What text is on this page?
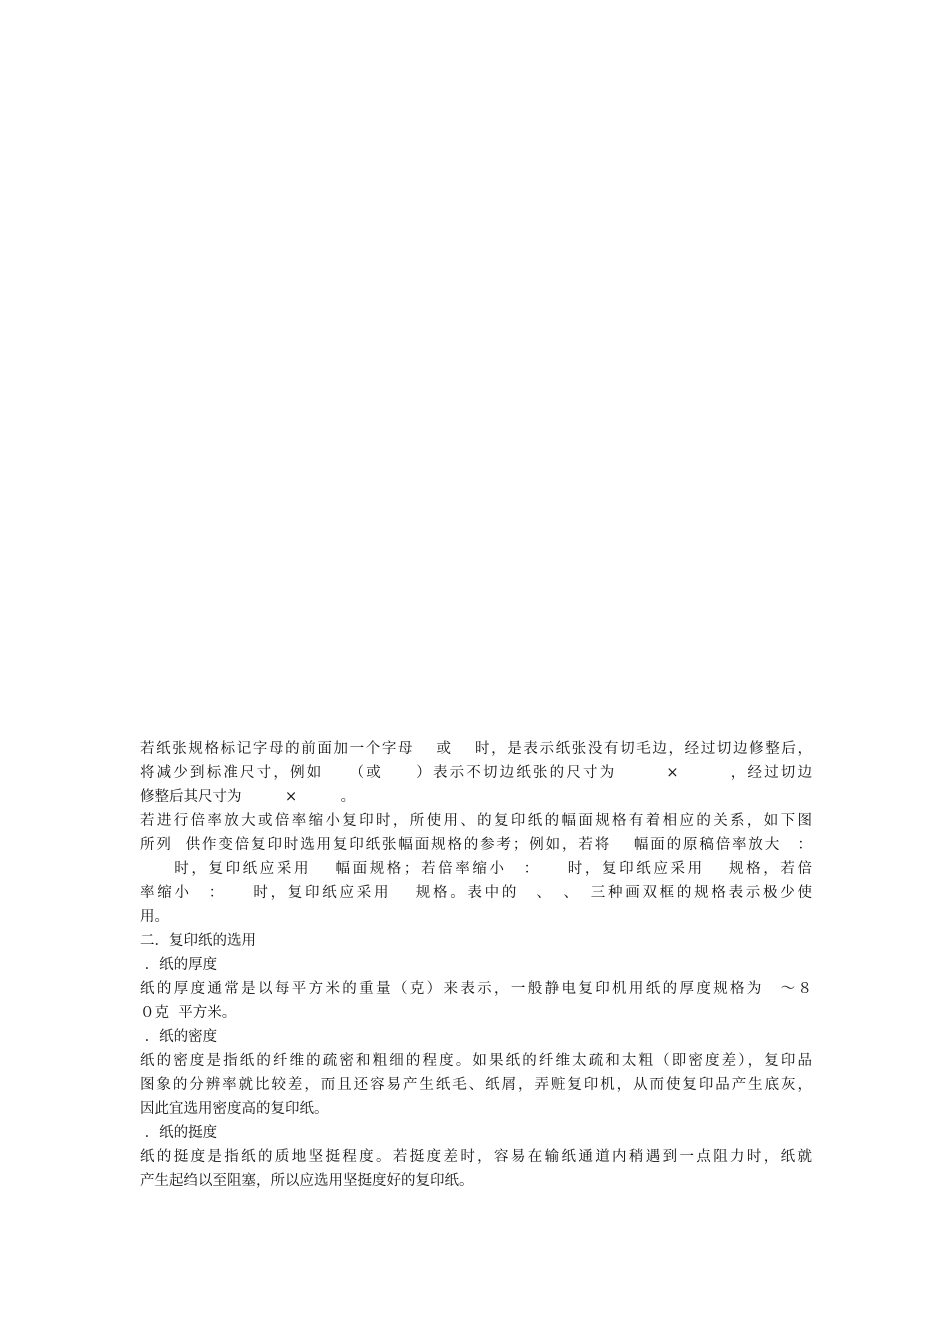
若纸张规格标记字母的前面加一个字母　 或　 时，是表示纸张没有切毛边，经过切边修整后，
将减少到标准尺寸，例如　　（或　　）表示不切边纸张的尺寸为　　　×　　　，经过切边
修整后其尺寸为　　　×　　　。
若进行倍率放大或倍率缩小复印时，所使用、的复印纸的幅面规格有着相应的关系，如下图
所列  供作变倍复印时选用复印纸张幅面规格的参考；例如，若将　 幅面的原稿倍率放大　：
　　时，复印纸应采用　 幅面规格；若倍率缩小　：　　时，复印纸应采用　 规格，若倍
率缩小　：　　时，复印纸应采用　 规格。表中的　、　、　三种画双框的规格表示极少使
用。
二．复印纸的选用
．纸的厚度
纸的厚度通常是以每平方米的重量（克）来表示，一般静电复印机用纸的厚度规格为　～８
０克  平方米。
．纸的密度
纸的密度是指纸的纤维的疏密和粗细的程度。如果纸的纤维太疏和太粗（即密度差），复印品
图象的分辨率就比较差，而且还容易产生纸毛、纸屑，弄赃复印机，从而使复印品产生底灰，
因此宜选用密度高的复印纸。
．纸的挺度
纸的挺度是指纸的质地坚挺程度。若挺度差时，容易在输纸通道内稍遇到一点阻力时，纸就
产生起绉以至阻塞，所以应选用坚挺度好的复印纸。
